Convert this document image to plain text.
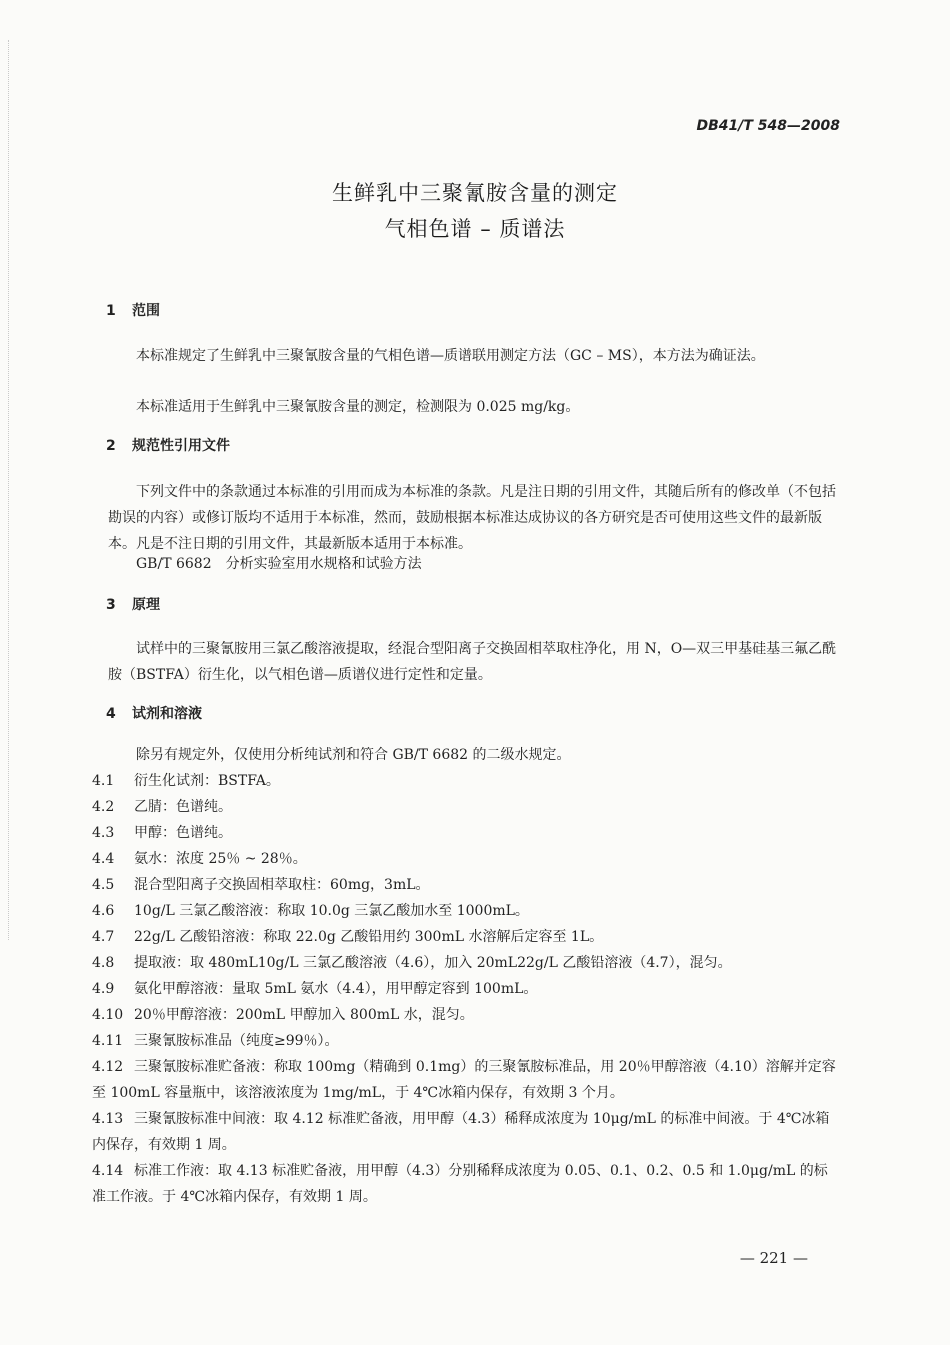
DB41/T 548—2008
生鲜乳中三聚氰胺含量的测定
气相色谱 – 质谱法
1 范围
本标准规定了生鲜乳中三聚氰胺含量的气相色谱—质谱联用测定方法（GC – MS），本方法为确证法。
本标准适用于生鲜乳中三聚氰胺含量的测定，检测限为 0.025 mg/kg。
2 规范性引用文件
下列文件中的条款通过本标准的引用而成为本标准的条款。凡是注日期的引用文件，其随后所有的修改单（不包括勘误的内容）或修订版均不适用于本标准，然而，鼓励根据本标准达成协议的各方研究是否可使用这些文件的最新版本。凡是不注日期的引用文件，其最新版本适用于本标准。
GB/T 6682　分析实验室用水规格和试验方法
3 原理
试样中的三聚氰胺用三氯乙酸溶液提取，经混合型阳离子交换固相萃取柱净化，用 N，O—双三甲基硅基三氟乙酰胺（BSTFA）衍生化，以气相色谱—质谱仪进行定性和定量。
4 试剂和溶液
除另有规定外，仅使用分析纯试剂和符合 GB/T 6682 的二级水规定。
4.1 衍生化试剂：BSTFA。
4.2 乙腈：色谱纯。
4.3 甲醇：色谱纯。
4.4 氨水：浓度 25％ ~ 28％。
4.5 混合型阳离子交换固相萃取柱：60mg，3mL。
4.6 10g/L 三氯乙酸溶液：称取 10.0g 三氯乙酸加水至 1000mL。
4.7 22g/L 乙酸铅溶液：称取 22.0g 乙酸铅用约 300mL 水溶解后定容至 1L。
4.8 提取液：取 480mL10g/L 三氯乙酸溶液（4.6），加入 20mL22g/L 乙酸铅溶液（4.7），混匀。
4.9 氨化甲醇溶液：量取 5mL 氨水（4.4），用甲醇定容到 100mL。
4.10 20％甲醇溶液：200mL 甲醇加入 800mL 水，混匀。
4.11 三聚氰胺标准品（纯度≥99％）。
4.12 三聚氰胺标准贮备液：称取 100mg（精确到 0.1mg）的三聚氰胺标准品，用 20％甲醇溶液（4.10）溶解并定容至 100mL 容量瓶中，该溶液浓度为 1mg/mL，于 4℃冰箱内保存，有效期 3 个月。
4.13 三聚氰胺标准中间液：取 4.12 标准贮备液，用甲醇（4.3）稀释成浓度为 10μg/mL 的标准中间液。于 4℃冰箱内保存，有效期 1 周。
4.14 标准工作液：取 4.13 标准贮备液，用甲醇（4.3）分别稀释成浓度为 0.05、0.1、0.2、0.5 和 1.0μg/mL 的标准工作液。于 4℃冰箱内保存，有效期 1 周。
— 221 —
